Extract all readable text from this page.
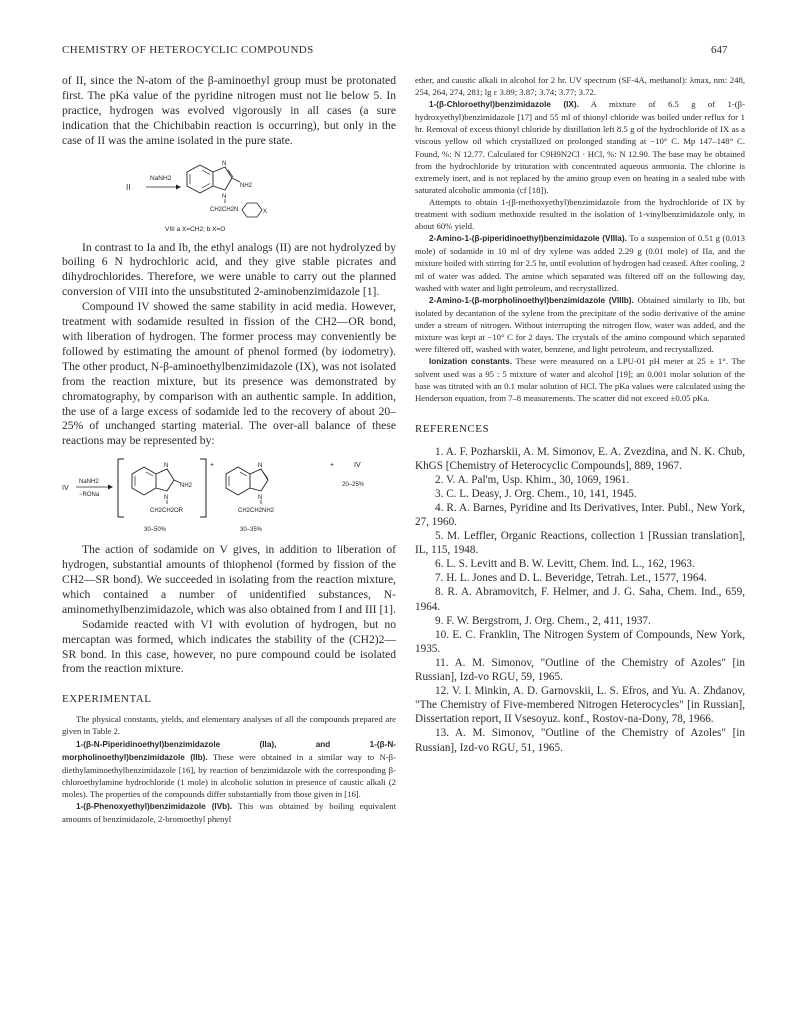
CHEMISTRY OF HETEROCYCLIC COMPOUNDS	647

of II, since the N-atom of the β-aminoethyl group must be protonated first. The pKa value of the pyridine nitrogen must not lie below 5. In practice, hydrogen was evolved vigorously in all cases (a sure indication that the Chichibabin reaction is occurring), but only in the case of II was the amine isolated in the pure state.

II
NaNH2
N
N
NH2
CH2CH2N	X
VIII a X=CH2; b X=O

In contrast to Ia and Ib, the ethyl analogs (II) are not hydrolyzed by boiling 6 N hydrochloric acid, and they give stable picrates and dihydrochlorides. Therefore, we were unable to carry out the planned conversion of VIII into the unsubstituted 2-aminobenzimidazole [1].

Compound IV showed the same stability in acid media. However, treatment with sodamide resulted in fission of the CH2—OR bond, with liberation of hydrogen. The former process may conveniently be followed by estimating the amount of phenol formed (by iodometry). The other product, N-β-aminoethylbenzimidazole (IX), was not isolated from the reaction mixture, but its presence was demonstrated by chromatography, by comparison with an authentic sample. In addition, the use of a large excess of sodamide led to the recovery of about 20–25% of unchanged starting material. The over-all balance of these reactions may be represented by:

IV
NaNH2
−RONa
N
N
NH2
CH2CH2OR
+
30–50%
N
N
CH2CH2NH2
30–35%
+	IV
20–25%

The action of sodamide on V gives, in addition to liberation of hydrogen, substantial amounts of thiophenol (formed by fission of the CH2—SR bond). We succeeded in isolating from the reaction mixture, which contained a number of unidentified substances, N-aminomethylbenzimidazole, which was also obtained from I and III [1].

Sodamide reacted with VI with evolution of hydrogen, but no mercaptan was formed, which indicates the stability of the (CH2)2—SR bond. In this case, however, no pure compound could be isolated from the reaction mixture.

EXPERIMENTAL

The physical constants, yields, and elementary analyses of all the compounds prepared are given in Table 2.

1-(β-N-Piperidinoethyl)benzimidazole (IIa), and 1-(β-N-morpholinoethyl)benzimidazole (IIb). These were obtained in a similar way to N-β-diethylaminoethylbenzimidazole [16], by reaction of benzimidazole with the corresponding β-chloroethylamine hydrochloride (1 mole) in alcoholic solution in presence of caustic alkali (2 moles). The properties of the compounds differ substantially from those given in [16].

1-(β-Phenoxyethyl)benzimidazole (IVb). This was obtained by boiling equivalent amounts of benzimidazole, 2-bromoethyl phenyl

ether, and caustic alkali in alcohol for 2 hr. UV spectrum (SF-4A, methanol): λmax, nm: 248, 254, 264, 274, 281; lg ε 3.89; 3.87; 3.74; 3.77; 3.72.

1-(β-Chloroethyl)benzimidazole (IX). A mixture of 6.5 g of 1-(β-hydroxyethyl)benzimidazole [17] and 55 ml of thionyl chloride was boiled under reflux for 1 hr. Removal of excess thionyl chloride by distillation left 8.5 g of the hydrochloride of IX as a viscous yellow oil which crystallized on prolonged standing at −10° C. Mp 147–148° C. Found, %: N 12.77. Calculated for C9H9N2Cl · HCl, %: N 12.90. The base may be obtained from the hydrochloride by trituration with concentrated aqueous ammonia. The chlorine is extremely inert, and is not replaced by the amino group even on heating in a sealed tube with saturated alcoholic ammonia (cf [18]).

Attempts to obtain 1-(β-methoxyethyl)benzimidazole from the hydrochloride of IX by treatment with sodium methoxide resulted in the isolation of 1-vinylbenzimidazole only, in about 60% yield.

2-Amino-1-(β-piperidinoethyl)benzimidazole (VIIIa). To a suspension of 0.51 g (0.013 mole) of sodamide in 10 ml of dry xylene was added 2.29 g (0.01 mole) of IIa, and the mixture boiled with stirring for 2.5 hr, until evolution of hydrogen had ceased. After cooling, 2 ml of water was added. The amine which separated was filtered off on the following day, washed with water and light petroleum, and recrystallized.

2-Amino-1-(β-morpholinoethyl)benzimidazole (VIIIb). Obtained similarly to IIb, but isolated by decantation of the xylene from the precipitate of the sodio derivative of the amine under a stream of nitrogen. Without interrupting the nitrogen flow, water was added, and the mixture was kept at −10° C for 2 days. The crystals of the amino compound which separated were filtered off, washed with water, benzene, and light petroleum, and recrystallized.

Ionization constants. These were measured on a LPU-01 pH meter at 25 ± 1°. The solvent used was a 95 : 5 mixture of water and alcohol [19]; an 0.001 molar solution of the base was titrated with an 0.1 molar solution of HCl. The pKa values were calculated using the Henderson equation, from 7–8 measurements. The scatter did not exceed ±0.05 pKa.

REFERENCES

1. A. F. Pozharskii, A. M. Simonov, E. A. Zvezdina, and N. K. Chub, KhGS [Chemistry of Heterocyclic Compounds], 889, 1967.

2. V. A. Pal'm, Usp. Khim., 30, 1069, 1961.

3. C. L. Deasy, J. Org. Chem., 10, 141, 1945.

4. R. A. Barnes, Pyridine and Its Derivatives, Inter. Publ., New York, 27, 1960.

5. M. Leffler, Organic Reactions, collection 1 [Russian translation], IL, 115, 1948.

6. L. S. Levitt and B. W. Levitt, Chem. Ind. L., 162, 1963.

7. H. L. Jones and D. L. Beveridge, Tetrah. Let., 1577, 1964.

8. R. A. Abramovitch, F. Helmer, and J. G. Saha, Chem. Ind., 659, 1964.

9. F. W. Bergstrom, J. Org. Chem., 2, 411, 1937.

10. E. C. Franklin, The Nitrogen System of Compounds, New York, 1935.

11. A. M. Simonov, "Outline of the Chemistry of Azoles" [in Russian], Izd-vo RGU, 59, 1965.

12. V. I. Minkin, A. D. Garnovskii, L. S. Efros, and Yu. A. Zhdanov, "The Chemistry of Five-membered Nitrogen Heterocycles" [in Russian], Dissertation report, II Vsesoyuz. konf., Rostov-na-Dony, 78, 1966.

13. A. M. Simonov, "Outline of the Chemistry of Azoles" [in Russian], Izd-vo RGU, 51, 1965.
